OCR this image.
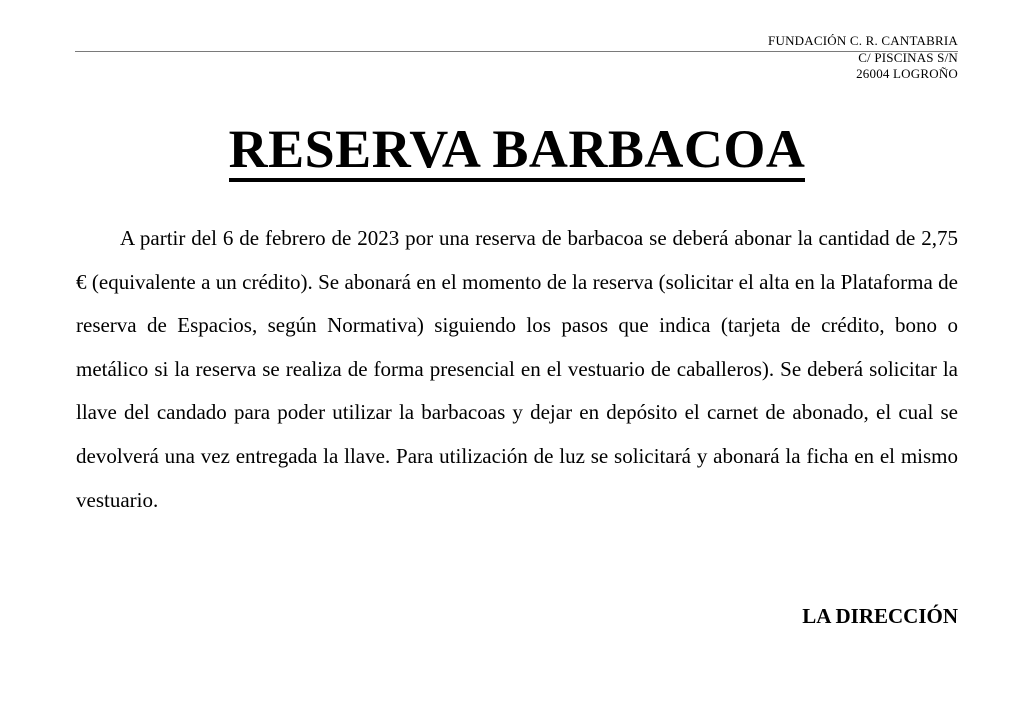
FUNDACIÓN C. R. CANTABRIA
C/ PISCINAS S/N
26004 LOGROÑO
RESERVA BARBACOA

A partir del 6 de febrero de 2023 por una reserva de barbacoa se deberá abonar la cantidad de 2,75 € (equivalente a un crédito). Se abonará en el momento de la reserva (solicitar el alta en la Plataforma de reserva de Espacios, según Normativa) siguiendo los pasos que indica (tarjeta de crédito, bono o metálico si la reserva se realiza de forma presencial en el vestuario de caballeros). Se deberá solicitar la llave del candado para poder utilizar la barbacoas y dejar en depósito el carnet de abonado, el cual se devolverá una vez entregada la llave. Para utilización de luz se solicitará y abonará la ficha en el mismo vestuario.

LA DIRECCIÓN
